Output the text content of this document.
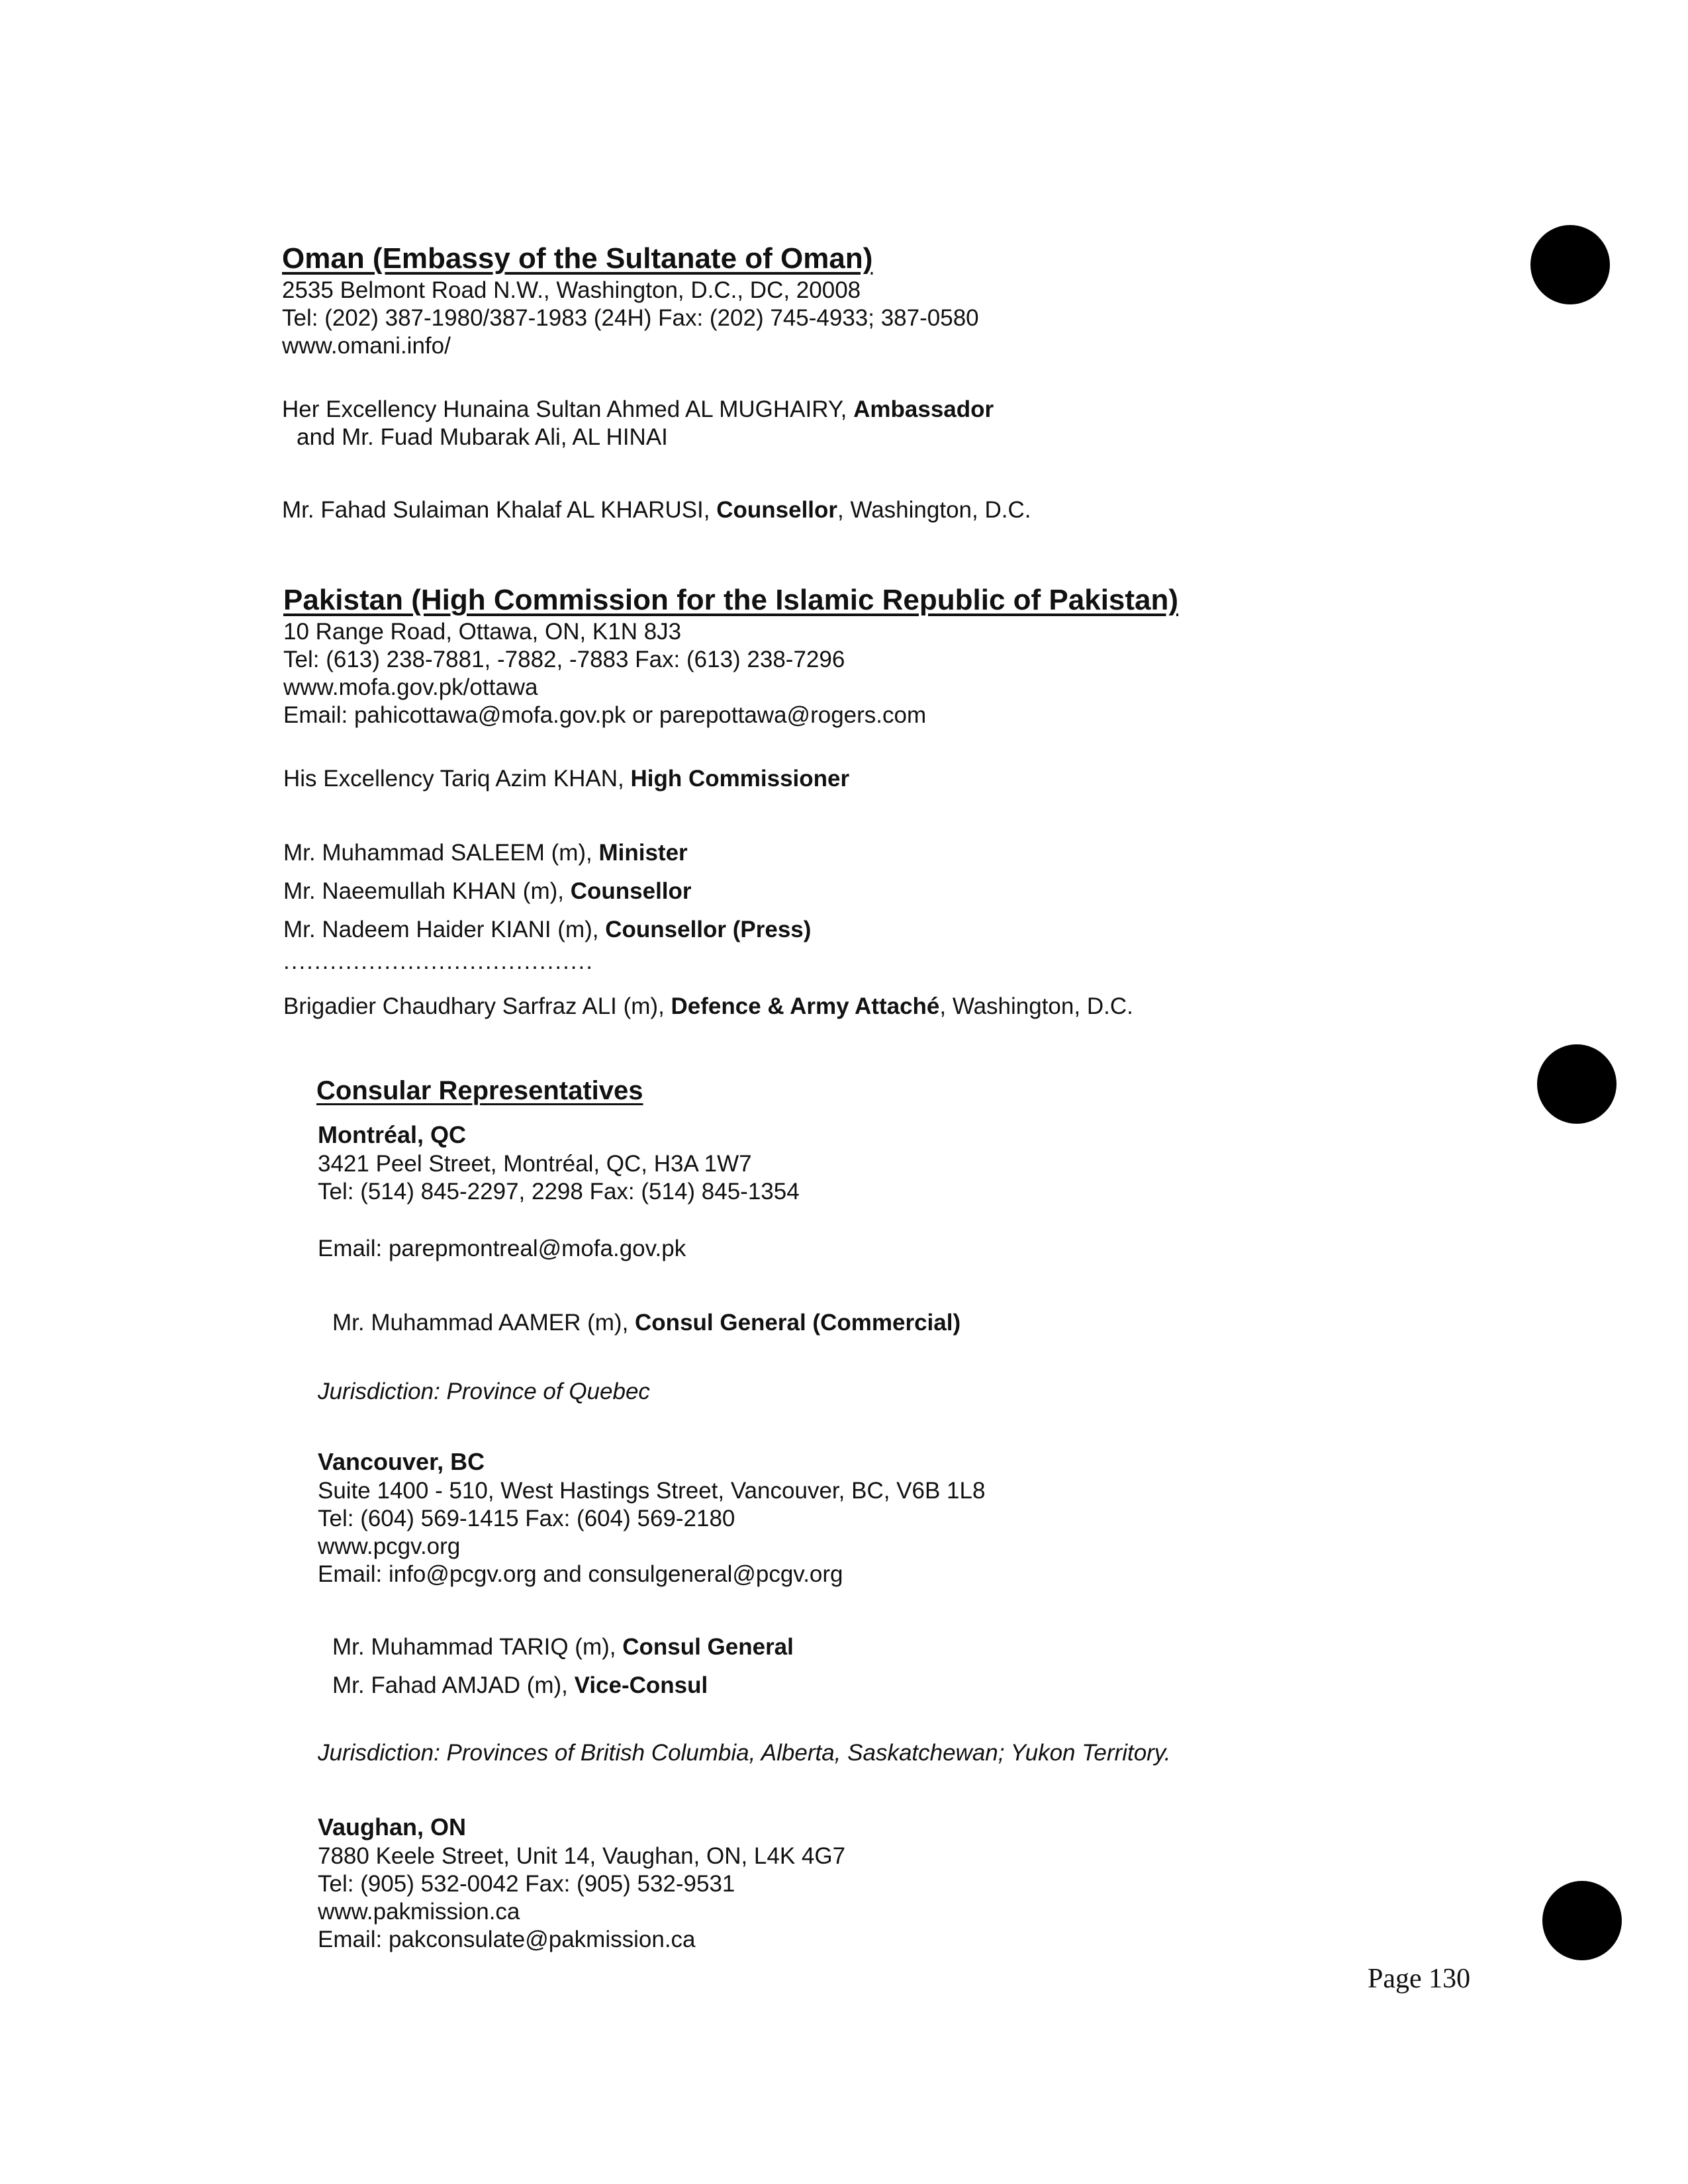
Oman (Embassy of the Sultanate of Oman)
2535 Belmont Road N.W., Washington, D.C., DC, 20008
Tel: (202) 387-1980/387-1983 (24H) Fax: (202) 745-4933; 387-0580
www.omani.info/
Her Excellency Hunaina Sultan Ahmed AL MUGHAIRY, Ambassador
and Mr. Fuad Mubarak Ali, AL HINAI
Mr. Fahad Sulaiman Khalaf AL KHARUSI, Counsellor, Washington, D.C.
Pakistan (High Commission for the Islamic Republic of Pakistan)
10 Range Road, Ottawa, ON, K1N 8J3
Tel: (613) 238-7881, -7882, -7883 Fax: (613) 238-7296
www.mofa.gov.pk/ottawa
Email: pahicottawa@mofa.gov.pk or parepottawa@rogers.com
His Excellency Tariq Azim KHAN, High Commissioner
Mr. Muhammad SALEEM (m), Minister
Mr. Naeemullah KHAN (m), Counsellor
Mr. Nadeem Haider KIANI (m), Counsellor (Press)
........................................
Brigadier Chaudhary Sarfraz ALI (m), Defence & Army Attaché, Washington, D.C.
Consular Representatives
Montréal, QC
3421 Peel Street, Montréal, QC, H3A 1W7
Tel: (514) 845-2297, 2298 Fax: (514) 845-1354
Email: parepmontreal@mofa.gov.pk
Mr. Muhammad AAMER (m), Consul General (Commercial)
Jurisdiction: Province of Quebec
Vancouver, BC
Suite 1400 - 510, West Hastings Street, Vancouver, BC, V6B 1L8
Tel: (604) 569-1415 Fax: (604) 569-2180
www.pcgv.org
Email: info@pcgv.org and consulgeneral@pcgv.org
Mr. Muhammad TARIQ (m), Consul General
Mr. Fahad AMJAD (m), Vice-Consul
Jurisdiction: Provinces of British Columbia, Alberta, Saskatchewan; Yukon Territory.
Vaughan, ON
7880 Keele Street, Unit 14, Vaughan, ON, L4K 4G7
Tel: (905) 532-0042 Fax: (905) 532-9531
www.pakmission.ca
Email: pakconsulate@pakmission.ca
Page 130
